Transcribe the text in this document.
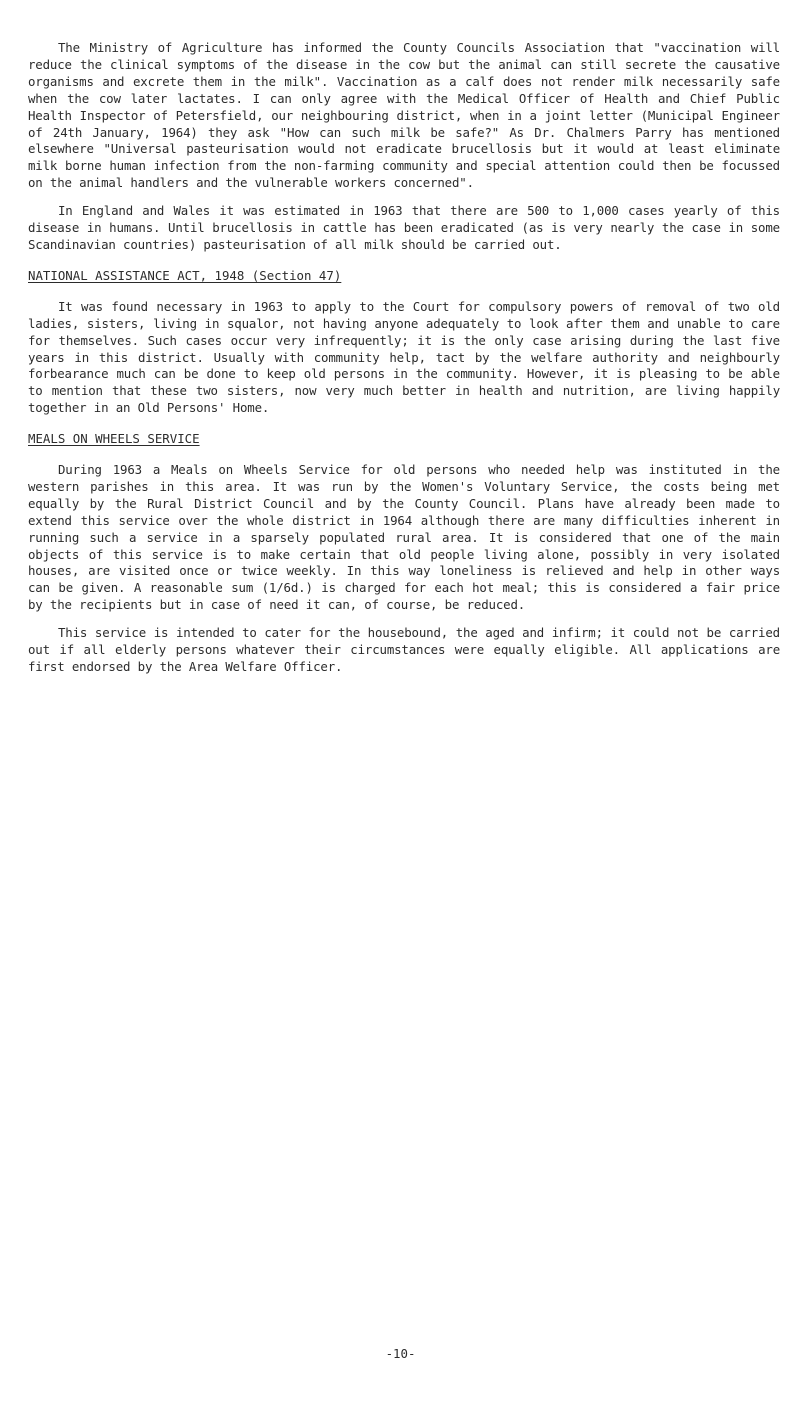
The Ministry of Agriculture has informed the County Councils Association that "vaccination will reduce the clinical symptoms of the disease in the cow but the animal can still secrete the causative organisms and excrete them in the milk". Vaccination as a calf does not render milk necessarily safe when the cow later lactates. I can only agree with the Medical Officer of Health and Chief Public Health Inspector of Petersfield, our neighbouring district, when in a joint letter (Municipal Engineer of 24th January, 1964) they ask "How can such milk be safe?" As Dr. Chalmers Parry has mentioned elsewhere "Universal pasteurisation would not eradicate brucellosis but it would at least eliminate milk borne human infection from the non-farming community and special attention could then be focussed on the animal handlers and the vulnerable workers concerned".

In England and Wales it was estimated in 1963 that there are 500 to 1,000 cases yearly of this disease in humans. Until brucellosis in cattle has been eradicated (as is very nearly the case in some Scandinavian countries) pasteurisation of all milk should be carried out.

NATIONAL ASSISTANCE ACT, 1948 (Section 47)

It was found necessary in 1963 to apply to the Court for compulsory powers of removal of two old ladies, sisters, living in squalor, not having anyone adequately to look after them and unable to care for themselves. Such cases occur very infrequently; it is the only case arising during the last five years in this district. Usually with community help, tact by the welfare authority and neighbourly forbearance much can be done to keep old persons in the community. However, it is pleasing to be able to mention that these two sisters, now very much better in health and nutrition, are living happily together in an Old Persons' Home.

MEALS ON WHEELS SERVICE

During 1963 a Meals on Wheels Service for old persons who needed help was instituted in the western parishes in this area. It was run by the Women's Voluntary Service, the costs being met equally by the Rural District Council and by the County Council. Plans have already been made to extend this service over the whole district in 1964 although there are many difficulties inherent in running such a service in a sparsely populated rural area. It is considered that one of the main objects of this service is to make certain that old people living alone, possibly in very isolated houses, are visited once or twice weekly. In this way loneliness is relieved and help in other ways can be given. A reasonable sum (1/6d.) is charged for each hot meal; this is considered a fair price by the recipients but in case of need it can, of course, be reduced.

This service is intended to cater for the housebound, the aged and infirm; it could not be carried out if all elderly persons whatever their circumstances were equally eligible. All applications are first endorsed by the Area Welfare Officer.

-10-
